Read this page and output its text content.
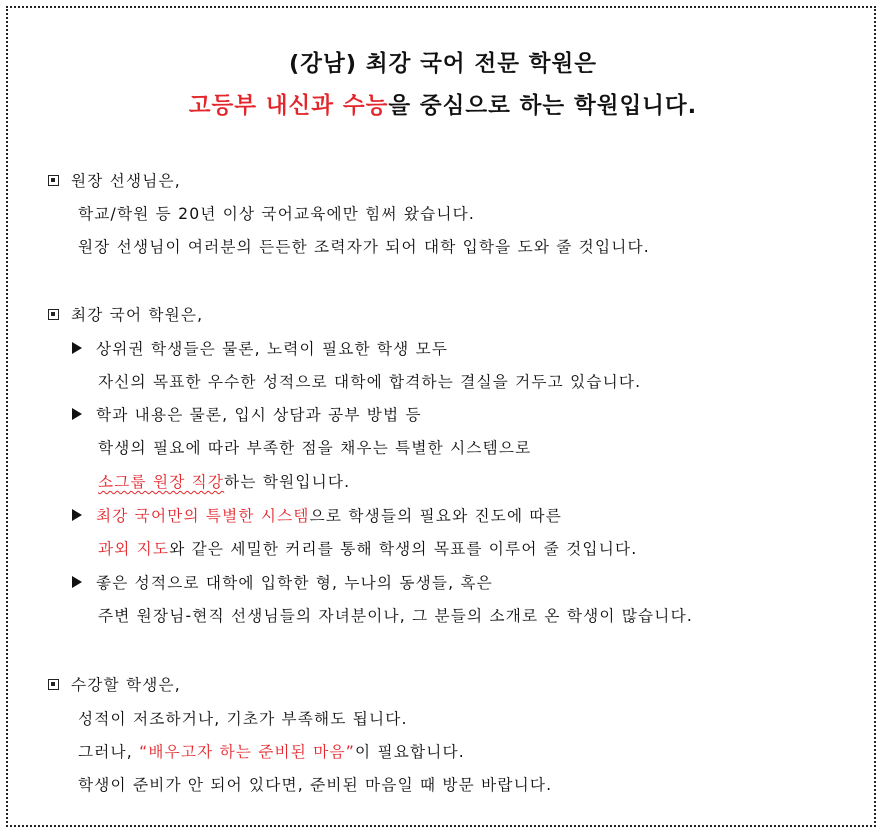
(강남) 최강 국어 전문 학원은
고등부 내신과 수능을 중심으로 하는 학원입니다.
원장 선생님은,
학교/학원 등 20년 이상 국어교육에만 힘써 왔습니다.
원장 선생님이 여러분의 든든한 조력자가 되어 대학 입학을 도와 줄 것입니다.
최강 국어 학원은,
상위권 학생들은 물론, 노력이 필요한 학생 모두
자신의 목표한 우수한 성적으로 대학에 합격하는 결실을 거두고 있습니다.
학과 내용은 물론, 입시 상담과 공부 방법 등
학생의 필요에 따라 부족한 점을 채우는 특별한 시스템으로
소그룹 원장 직강하는 학원입니다.
최강 국어만의 특별한 시스템으로 학생들의 필요와 진도에 따른
과외 지도와 같은 세밀한 커리를 통해 학생의 목표를 이루어 줄 것입니다.
좋은 성적으로 대학에 입학한 형, 누나의 동생들, 혹은
주변 원장님-현직 선생님들의 자녀분이나, 그 분들의 소개로 온 학생이 많습니다.
수강할 학생은,
성적이 저조하거나, 기초가 부족해도 됩니다.
그러나, “배우고자 하는 준비된 마음”이 필요합니다.
학생이 준비가 안 되어 있다면, 준비된 마음일 때 방문 바랍니다.
